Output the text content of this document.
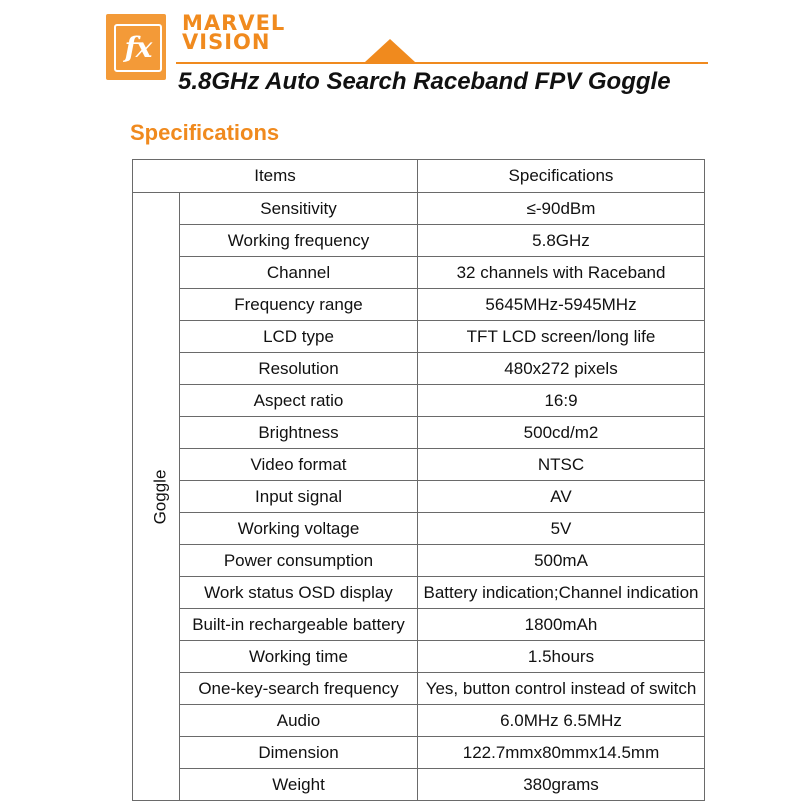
fx
MARVEL
VISION
5.8GHz Auto Search Raceband FPV Goggle
Specifications
Items		Specifications
Goggle	Sensitivity	≤-90dBm
	Working frequency	5.8GHz
	Channel	32 channels with Raceband
	Frequency range	5645MHz-5945MHz
	LCD type	TFT LCD screen/long life
	Resolution	480x272 pixels
	Aspect ratio	16:9
	Brightness	500cd/m2
	Video format	NTSC
	Input signal	AV
	Working voltage	5V
	Power consumption	500mA
	Work status OSD display	Battery indication;Channel indication
	Built-in rechargeable battery	1800mAh
	Working time	1.5hours
	One-key-search frequency	Yes, button control instead of switch
	Audio	6.0MHz 6.5MHz
	Dimension	122.7mmx80mmx14.5mm
	Weight	380grams
